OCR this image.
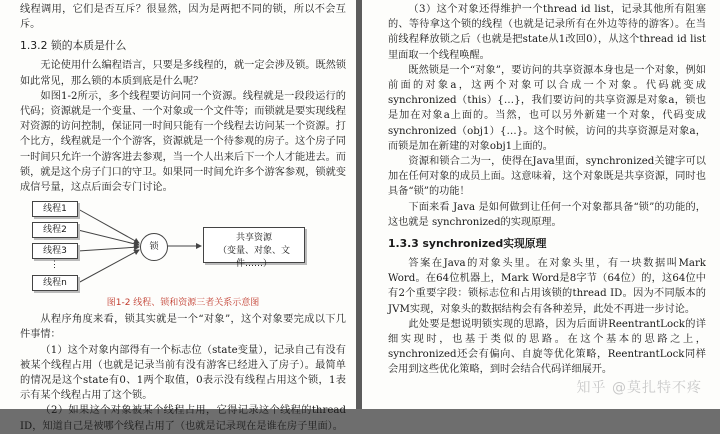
线程调用，它们是否互斥？很显然，因为是两把不同的锁，所以不会互斥。

1.3.2 锁的本质是什么

无论使用什么编程语言，只要是多线程的，就一定会涉及锁。既然锁如此常见，那么锁的本质到底是什么呢？

如图1-2所示，多个线程要访问同一个资源。线程就是一段段运行的代码；资源就是一个变量、一个对象或一个文件等；而锁就是要实现线程对资源的访问控制，保证同一时间只能有一个线程去访问某一个资源。打个比方，线程就是一个个游客，资源就是一个待参观的房子。这个房子同一时间只允许一个游客进去参观，当一个人出来后下一个人才能进去。而锁，就是这个房子门口的守卫。如果同一时间允许多个游客参观，锁就变成信号量，这点后面会专门讨论。

线程1
线程2
线程3
⋮
线程n
锁
共享资源
（变量、对象、文件……）
图1-2 线程、锁和资源三者关系示意图

从程序角度来看，锁其实就是一个“对象”，这个对象要完成以下几件事情：

（1）这个对象内部得有一个标志位（state变量），记录自己有没有被某个线程占用（也就是记录当前有没有游客已经进入了房子）。最简单的情况是这个state有0、1两个取值，0表示没有线程占用这个锁，1表示有某个线程占用了这个锁。

（2）如果这个对象被某个线程占用，它得记录这个线程的thread ID，知道自己是被哪个线程占用了（也就是记录现在是谁在房子里面）。

（3）这个对象还得维护一个thread id list，记录其他所有阻塞的、等待拿这个锁的线程（也就是记录所有在外边等待的游客）。在当前线程释放锁之后（也就是把state从1改回0），从这个thread id list里面取一个线程唤醒。

既然锁是一个“对象”，要访问的共享资源本身也是一个对象，例如前面的对象a，这两个对象可以合成一个对象。代码就变成synchronized（this）{…}，我们要访问的共享资源是对象a，锁也是加在对象a上面的。当然，也可以另外新建一个对象，代码变成synchronized（obj1）{…}。这个时候，访问的共享资源是对象a，而锁是加在新建的对象obj1上面的。

资源和锁合二为一，使得在Java里面，synchronized关键字可以加在任何对象的成员上面。这意味着，这个对象既是共享资源，同时也具备“锁”的功能！

下面来看 Java 是如何做到让任何一个对象都具备“锁”的功能的，这也就是 synchronized的实现原理。

1.3.3 synchronized实现原理

答案在Java的对象头里。在对象头里，有一块数据叫Mark Word。在64位机器上，Mark Word是8字节（64位）的，这64位中有2个重要字段：锁标志位和占用该锁的thread ID。因为不同版本的JVM实现，对象头的数据结构会有各种差异，此处不再进一步讨论。

此处要是想说明锁实现的思路，因为后面讲ReentrantLock的详细实现时，也基于类似的思路。在这个基本的思路之上，synchronized还会有偏向、自旋等优化策略，ReentrantLock同样会用到这些优化策略，到时会结合代码详细展开。

知乎 @莫扎特不疼
